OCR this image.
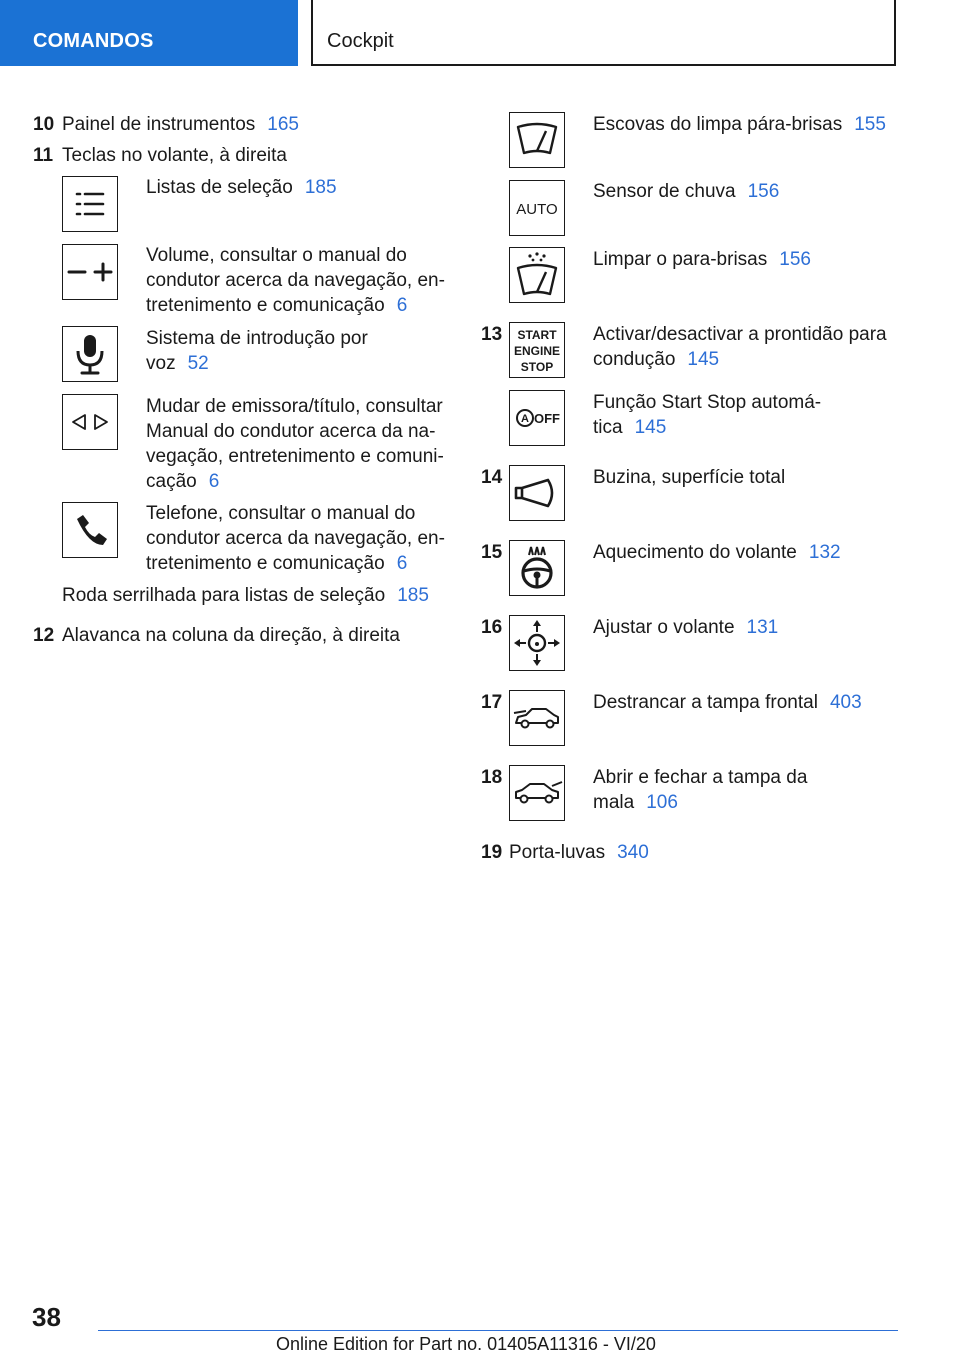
COMANDOS	Cockpit
10 Painel de instrumentos 165
11 Teclas no volante, à direita
Listas de seleção 185
Volume, consultar o manual do
condutor acerca da navegação, en-
tretenimento e comunicação 6
Sistema de introdução por
voz 52
Mudar de emissora/título, consultar
Manual do condutor acerca da na-
vegação, entretenimento e comuni-
cação 6
Telefone, consultar o manual do
condutor acerca da navegação, en-
tretenimento e comunicação 6
Roda serrilhada para listas de seleção 185
12 Alavanca na coluna da direção, à direita
Escovas do limpa pára-brisas 155
AUTO
Sensor de chuva 156
Limpar o para-brisas 156
13 START
ENGINE
STOP
Activar/desactivar a prontidão para
condução 145
A OFF
Função Start Stop automá-
tica 145
14	Buzina, superfície total
15	Aquecimento do volante 132
16	Ajustar o volante 131
17	Destrancar a tampa frontal 403
18	Abrir e fechar a tampa da
mala 106
19 Porta-luvas 340
38
Online Edition for Part no. 01405A11316 - VI/20
